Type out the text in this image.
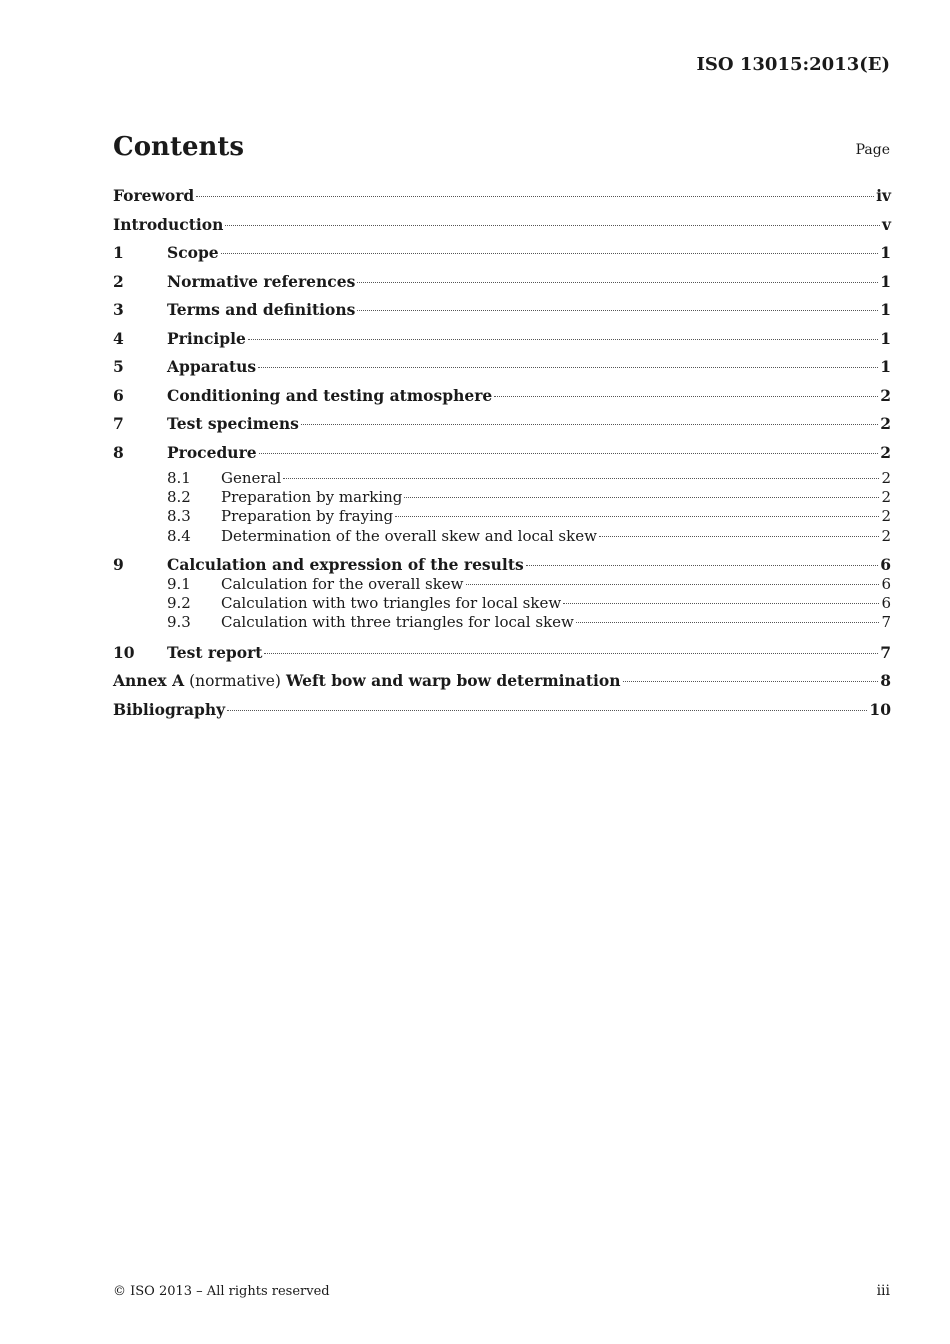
ISO 13015:2013(E)
Contents	Page
Foreword	iv
Introduction	v
1	Scope	1
2	Normative references	1
3	Terms and definitions	1
4	Principle	1
5	Apparatus	1
6	Conditioning and testing atmosphere	2
7	Test specimens	2
8	Procedure	2
8.1	General	2
8.2	Preparation by marking	2
8.3	Preparation by fraying	2
8.4	Determination of the overall skew and local skew	2
9	Calculation and expression of the results	6
9.1	Calculation for the overall skew	6
9.2	Calculation with two triangles for local skew	6
9.3	Calculation with three triangles for local skew	7
10	Test report	7
Annex A (normative) Weft bow and warp bow determination	8
Bibliography	10
© ISO 2013 – All rights reserved	iii
